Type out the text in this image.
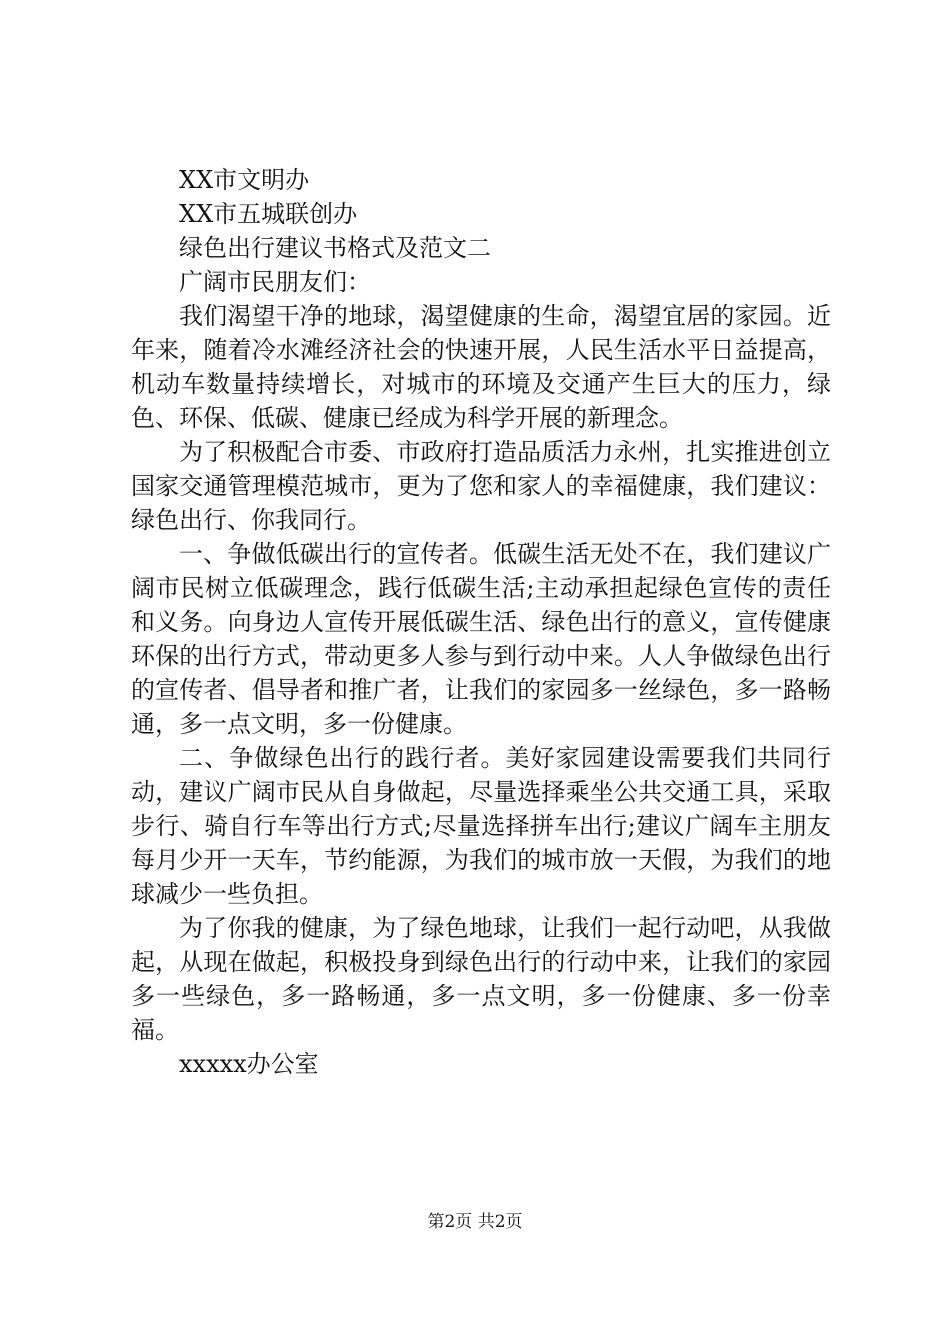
XX市文明办
XX市五城联创办
绿色出行建议书格式及范文二
广阔市民朋友们：

我们渴望干净的地球，渴望健康的生命，渴望宜居的家园。近年来，随着冷水滩经济社会的快速开展，人民生活水平日益提高，机动车数量持续增长，对城市的环境及交通产生巨大的压力，绿色、环保、低碳、健康已经成为科学开展的新理念。

为了积极配合市委、市政府打造品质活力永州，扎实推进创立国家交通管理模范城市，更为了您和家人的幸福健康，我们建议：绿色出行、你我同行。

一、争做低碳出行的宣传者。低碳生活无处不在，我们建议广阔市民树立低碳理念，践行低碳生活;主动承担起绿色宣传的责任和义务。向身边人宣传开展低碳生活、绿色出行的意义，宣传健康环保的出行方式，带动更多人参与到行动中来。人人争做绿色出行的宣传者、倡导者和推广者，让我们的家园多一丝绿色，多一路畅通，多一点文明，多一份健康。

二、争做绿色出行的践行者。美好家园建设需要我们共同行动，建议广阔市民从自身做起，尽量选择乘坐公共交通工具，采取步行、骑自行车等出行方式;尽量选择拼车出行;建议广阔车主朋友每月少开一天车，节约能源，为我们的城市放一天假，为我们的地球减少一些负担。

为了你我的健康，为了绿色地球，让我们一起行动吧，从我做起，从现在做起，积极投身到绿色出行的行动中来，让我们的家园多一些绿色，多一路畅通，多一点文明，多一份健康、多一份幸福。

xxxxx办公室
第2页 共2页
